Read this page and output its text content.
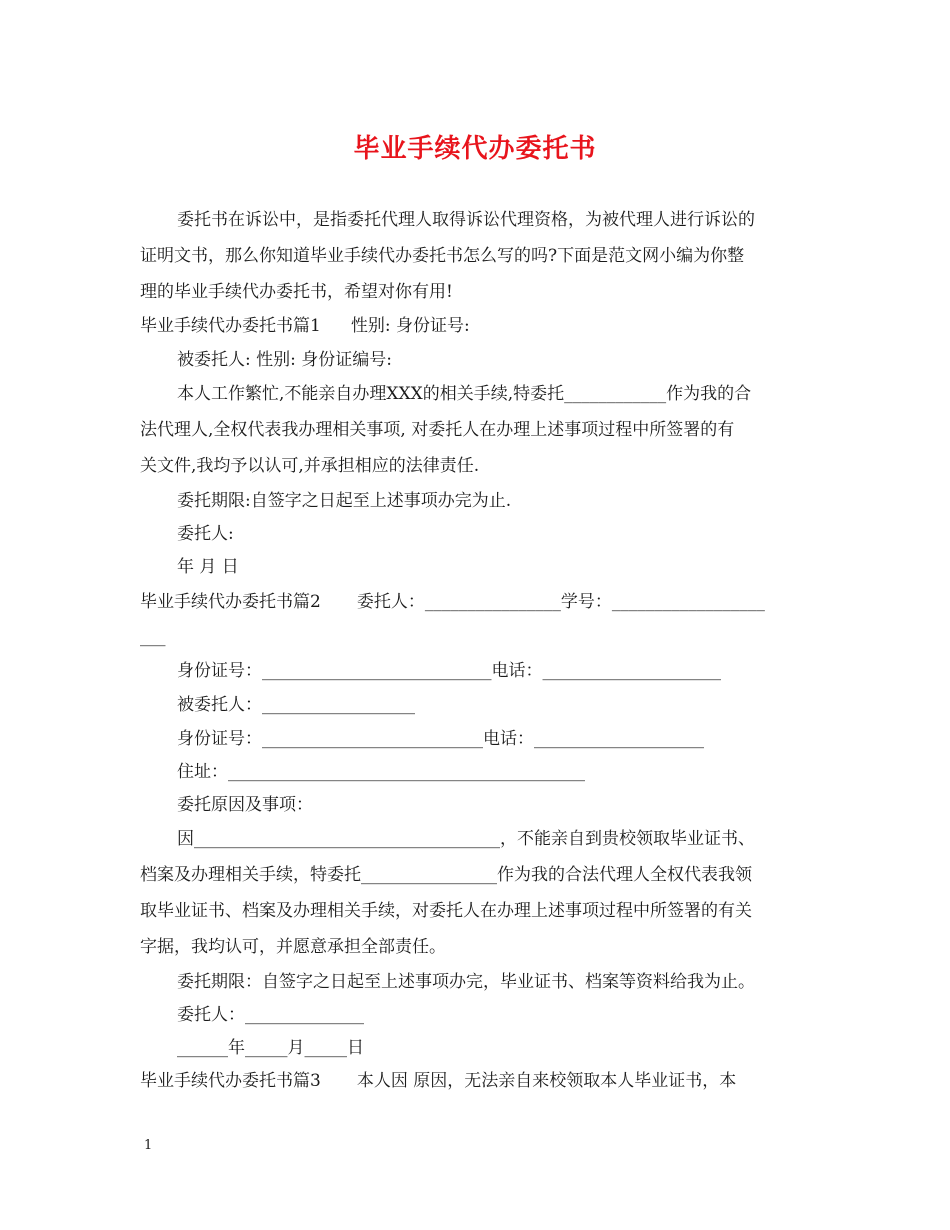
毕业手续代办委托书
委托书在诉讼中，是指委托代理人取得诉讼代理资格，为被代理人进行诉讼的
证明文书，那么你知道毕业手续代办委托书怎么写的吗?下面是范文网小编为你整
理的毕业手续代办委托书，希望对你有用!
毕业手续代办委托书篇1 性别: 身份证号:
被委托人: 性别: 身份证编号:
本人工作繁忙,不能亲自办理XXX的相关手续,特委托____________作为我的合
法代理人,全权代表我办理相关事项, 对委托人在办理上述事项过程中所签署的有
关文件,我均予以认可,并承担相应的法律责任.
委托期限:自签字之日起至上述事项办完为止.
委托人:
年 月 日
毕业手续代办委托书篇2 委托人：________________学号：__________________
___
身份证号：___________________________电话：_____________________
被委托人：__________________
身份证号：__________________________电话：____________________
住址：__________________________________________
委托原因及事项：
因____________________________________，不能亲自到贵校领取毕业证书、
档案及办理相关手续，特委托________________作为我的合法代理人全权代表我领
取毕业证书、档案及办理相关手续，对委托人在办理上述事项过程中所签署的有关
字据，我均认可，并愿意承担全部责任。
委托期限：自签字之日起至上述事项办完，毕业证书、档案等资料给我为止。
委托人：______________
______年_____月_____日
毕业手续代办委托书篇3 本人因 原因，无法亲自来校领取本人毕业证书，本
1
